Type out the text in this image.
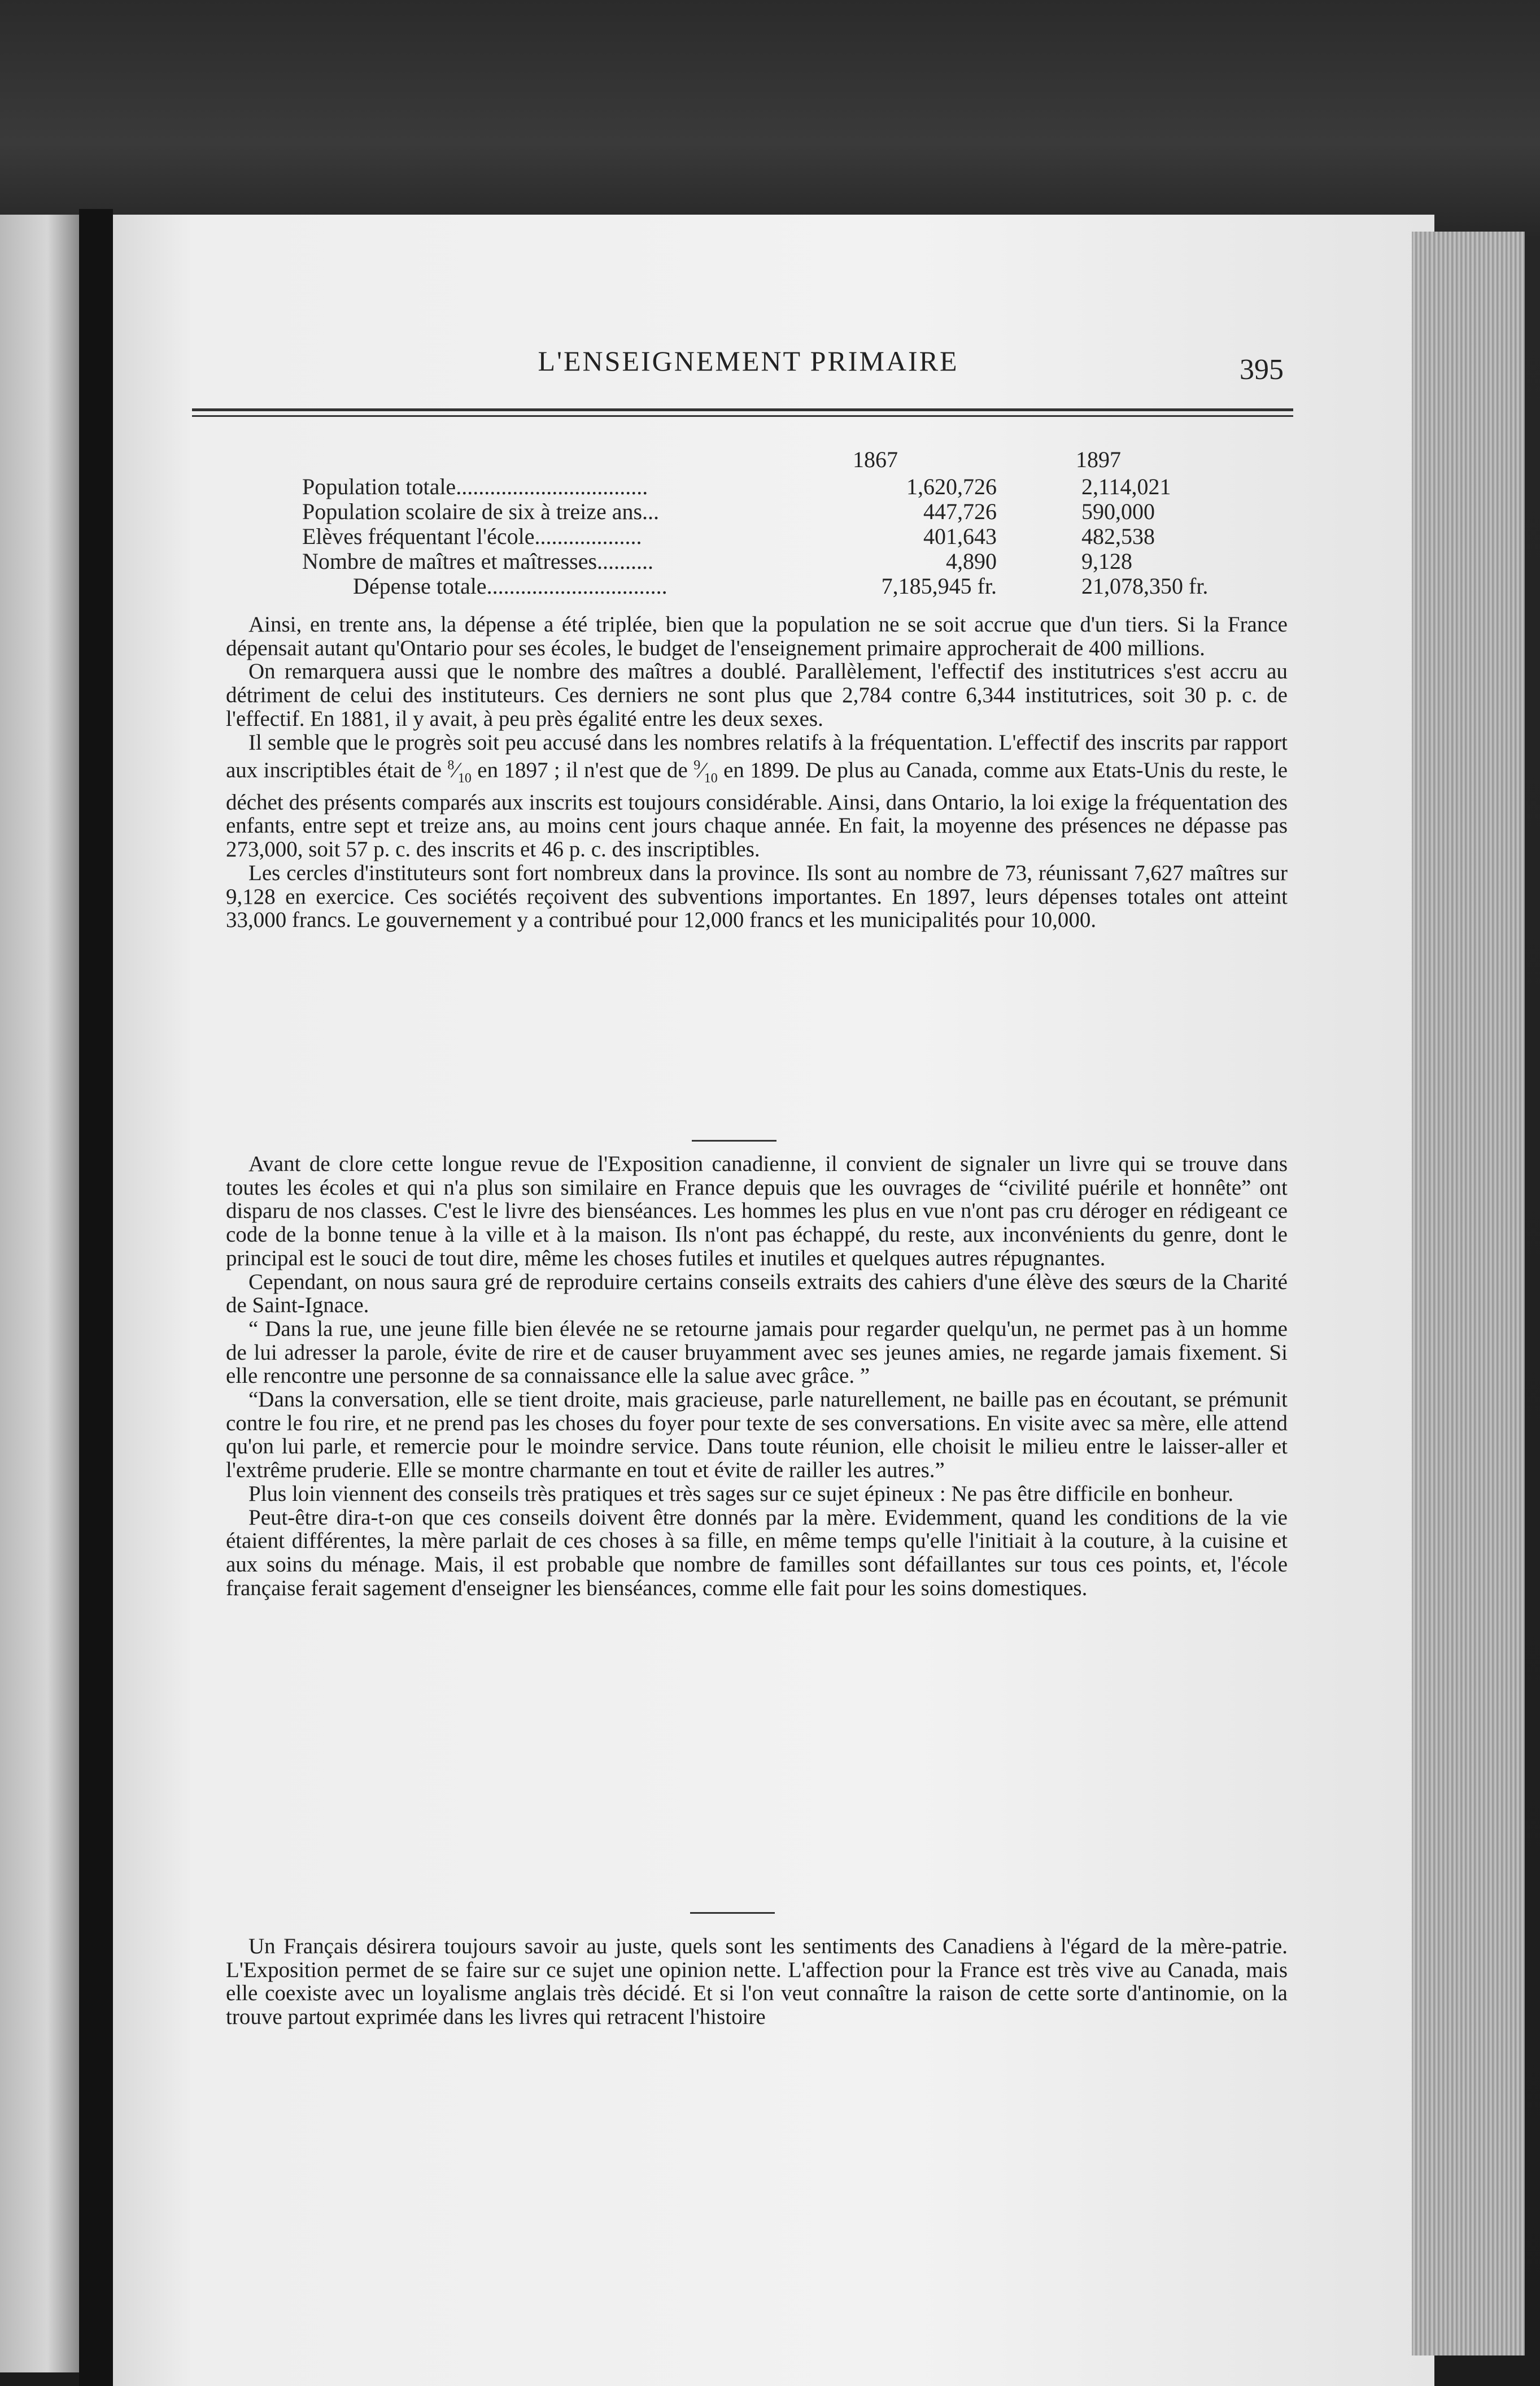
L'ENSEIGNEMENT PRIMAIRE	395
1867	1897
Population totale..................................	1,620,726	2,114,021
Population scolaire de six à treize ans...	447,726	590,000
Elèves fréquentant l'école...................	401,643	482,538
Nombre de maîtres et maîtresses..........	4,890	9,128
Dépense totale................................	7,185,945 fr.	21,078,350 fr.

Ainsi, en trente ans, la dépense a été triplée, bien que la population ne se soit accrue que d'un tiers. Si la France dépensait autant qu'Ontario pour ses écoles, le budget de l'enseignement primaire approcherait de 400 millions.

On remarquera aussi que le nombre des maîtres a doublé. Parallèlement, l'effectif des institutrices s'est accru au détriment de celui des instituteurs. Ces derniers ne sont plus que 2,784 contre 6,344 institutrices, soit 30 p. c. de l'effectif. En 1881, il y avait, à peu près égalité entre les deux sexes.

Il semble que le progrès soit peu accusé dans les nombres relatifs à la fréquentation. L'effectif des inscrits par rapport aux inscriptibles était de $^8⁄_{10}$ en 1897 ; il n'est que de $^9⁄_{10}$ en 1899. De plus au Canada, comme aux Etats-Unis du reste, le déchet des présents comparés aux inscrits est toujours considérable. Ainsi, dans Ontario, la loi exige la fréquentation des enfants, entre sept et treize ans, au moins cent jours chaque année. En fait, la moyenne des présences ne dépasse pas 273,000, soit 57 p. c. des inscrits et 46 p. c. des inscriptibles.

Les cercles d'instituteurs sont fort nombreux dans la province. Ils sont au nombre de 73, réunissant 7,627 maîtres sur 9,128 en exercice. Ces sociétés reçoivent des subventions importantes. En 1897, leurs dépenses totales ont atteint 33,000 francs. Le gouvernement y a contribué pour 12,000 francs et les municipalités pour 10,000.

Avant de clore cette longue revue de l'Exposition canadienne, il convient de signaler un livre qui se trouve dans toutes les écoles et qui n'a plus son similaire en France depuis que les ouvrages de “civilité puérile et honnête” ont disparu de nos classes. C'est le livre des bienséances. Les hommes les plus en vue n'ont pas cru déroger en rédigeant ce code de la bonne tenue à la ville et à la maison. Ils n'ont pas échappé, du reste, aux inconvénients du genre, dont le principal est le souci de tout dire, même les choses futiles et inutiles et quelques autres répugnantes.

Cependant, on nous saura gré de reproduire certains conseils extraits des cahiers d'une élève des sœurs de la Charité de Saint-Ignace.

“ Dans la rue, une jeune fille bien élevée ne se retourne jamais pour regarder quelqu'un, ne permet pas à un homme de lui adresser la parole, évite de rire et de causer bruyamment avec ses jeunes amies, ne regarde jamais fixement. Si elle rencontre une personne de sa connaissance elle la salue avec grâce. ”

“Dans la conversation, elle se tient droite, mais gracieuse, parle naturellement, ne baille pas en écoutant, se prémunit contre le fou rire, et ne prend pas les choses du foyer pour texte de ses conversations. En visite avec sa mère, elle attend qu'on lui parle, et remercie pour le moindre service. Dans toute réunion, elle choisit le milieu entre le laisser-aller et l'extrême pruderie. Elle se montre charmante en tout et évite de railler les autres.”

Plus loin viennent des conseils très pratiques et très sages sur ce sujet épineux : Ne pas être difficile en bonheur.

Peut-être dira-t-on que ces conseils doivent être donnés par la mère. Evidemment, quand les conditions de la vie étaient différentes, la mère parlait de ces choses à sa fille, en même temps qu'elle l'initiait à la couture, à la cuisine et aux soins du ménage. Mais, il est probable que nombre de familles sont défaillantes sur tous ces points, et, l'école française ferait sagement d'enseigner les bienséances, comme elle fait pour les soins domestiques.

Un Français désirera toujours savoir au juste, quels sont les sentiments des Canadiens à l'égard de la mère-patrie. L'Exposition permet de se faire sur ce sujet une opinion nette. L'affection pour la France est très vive au Canada, mais elle coexiste avec un loyalisme anglais très décidé. Et si l'on veut connaître la raison de cette sorte d'antinomie, on la trouve partout exprimée dans les livres qui retracent l'histoire
